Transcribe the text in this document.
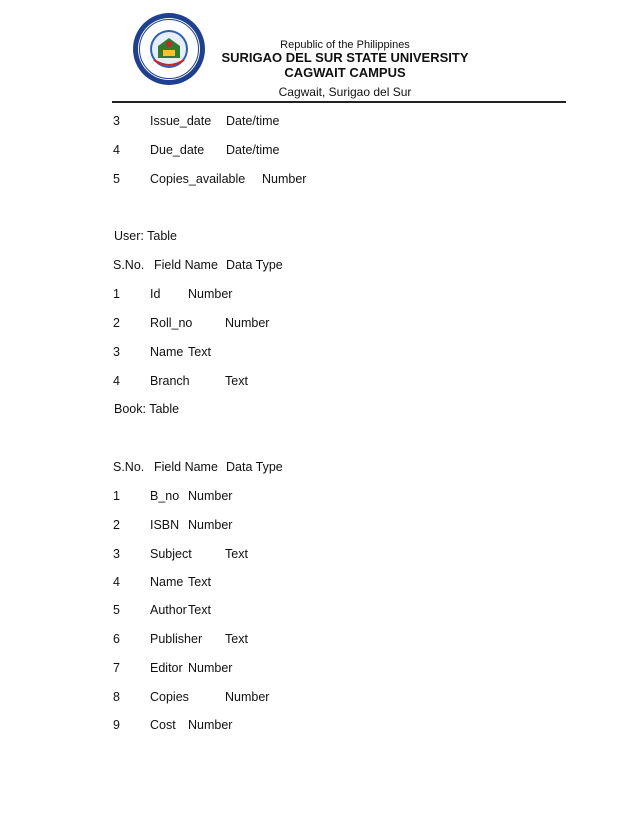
Republic of the Philippines
SURIGAO DEL SUR STATE UNIVERSITY
CAGWAIT CAMPUS
Cagwait, Surigao del Sur
3 Issue_date Date/time
4 Due_date Date/time
5 Copies_available Number
User: Table
S.No. Field Name Data Type
1 Id Number
2 Roll_no	Number
3 Name Text
4 Branch	Text
Book: Table
S.No. Field Name Data Type
1 B_no Number
2 ISBN Number
3 Subject	Text
4 Name Text
5 Author Text
6 Publisher Text
7 Editor Number
8 Copies	Number
9 Cost Number
